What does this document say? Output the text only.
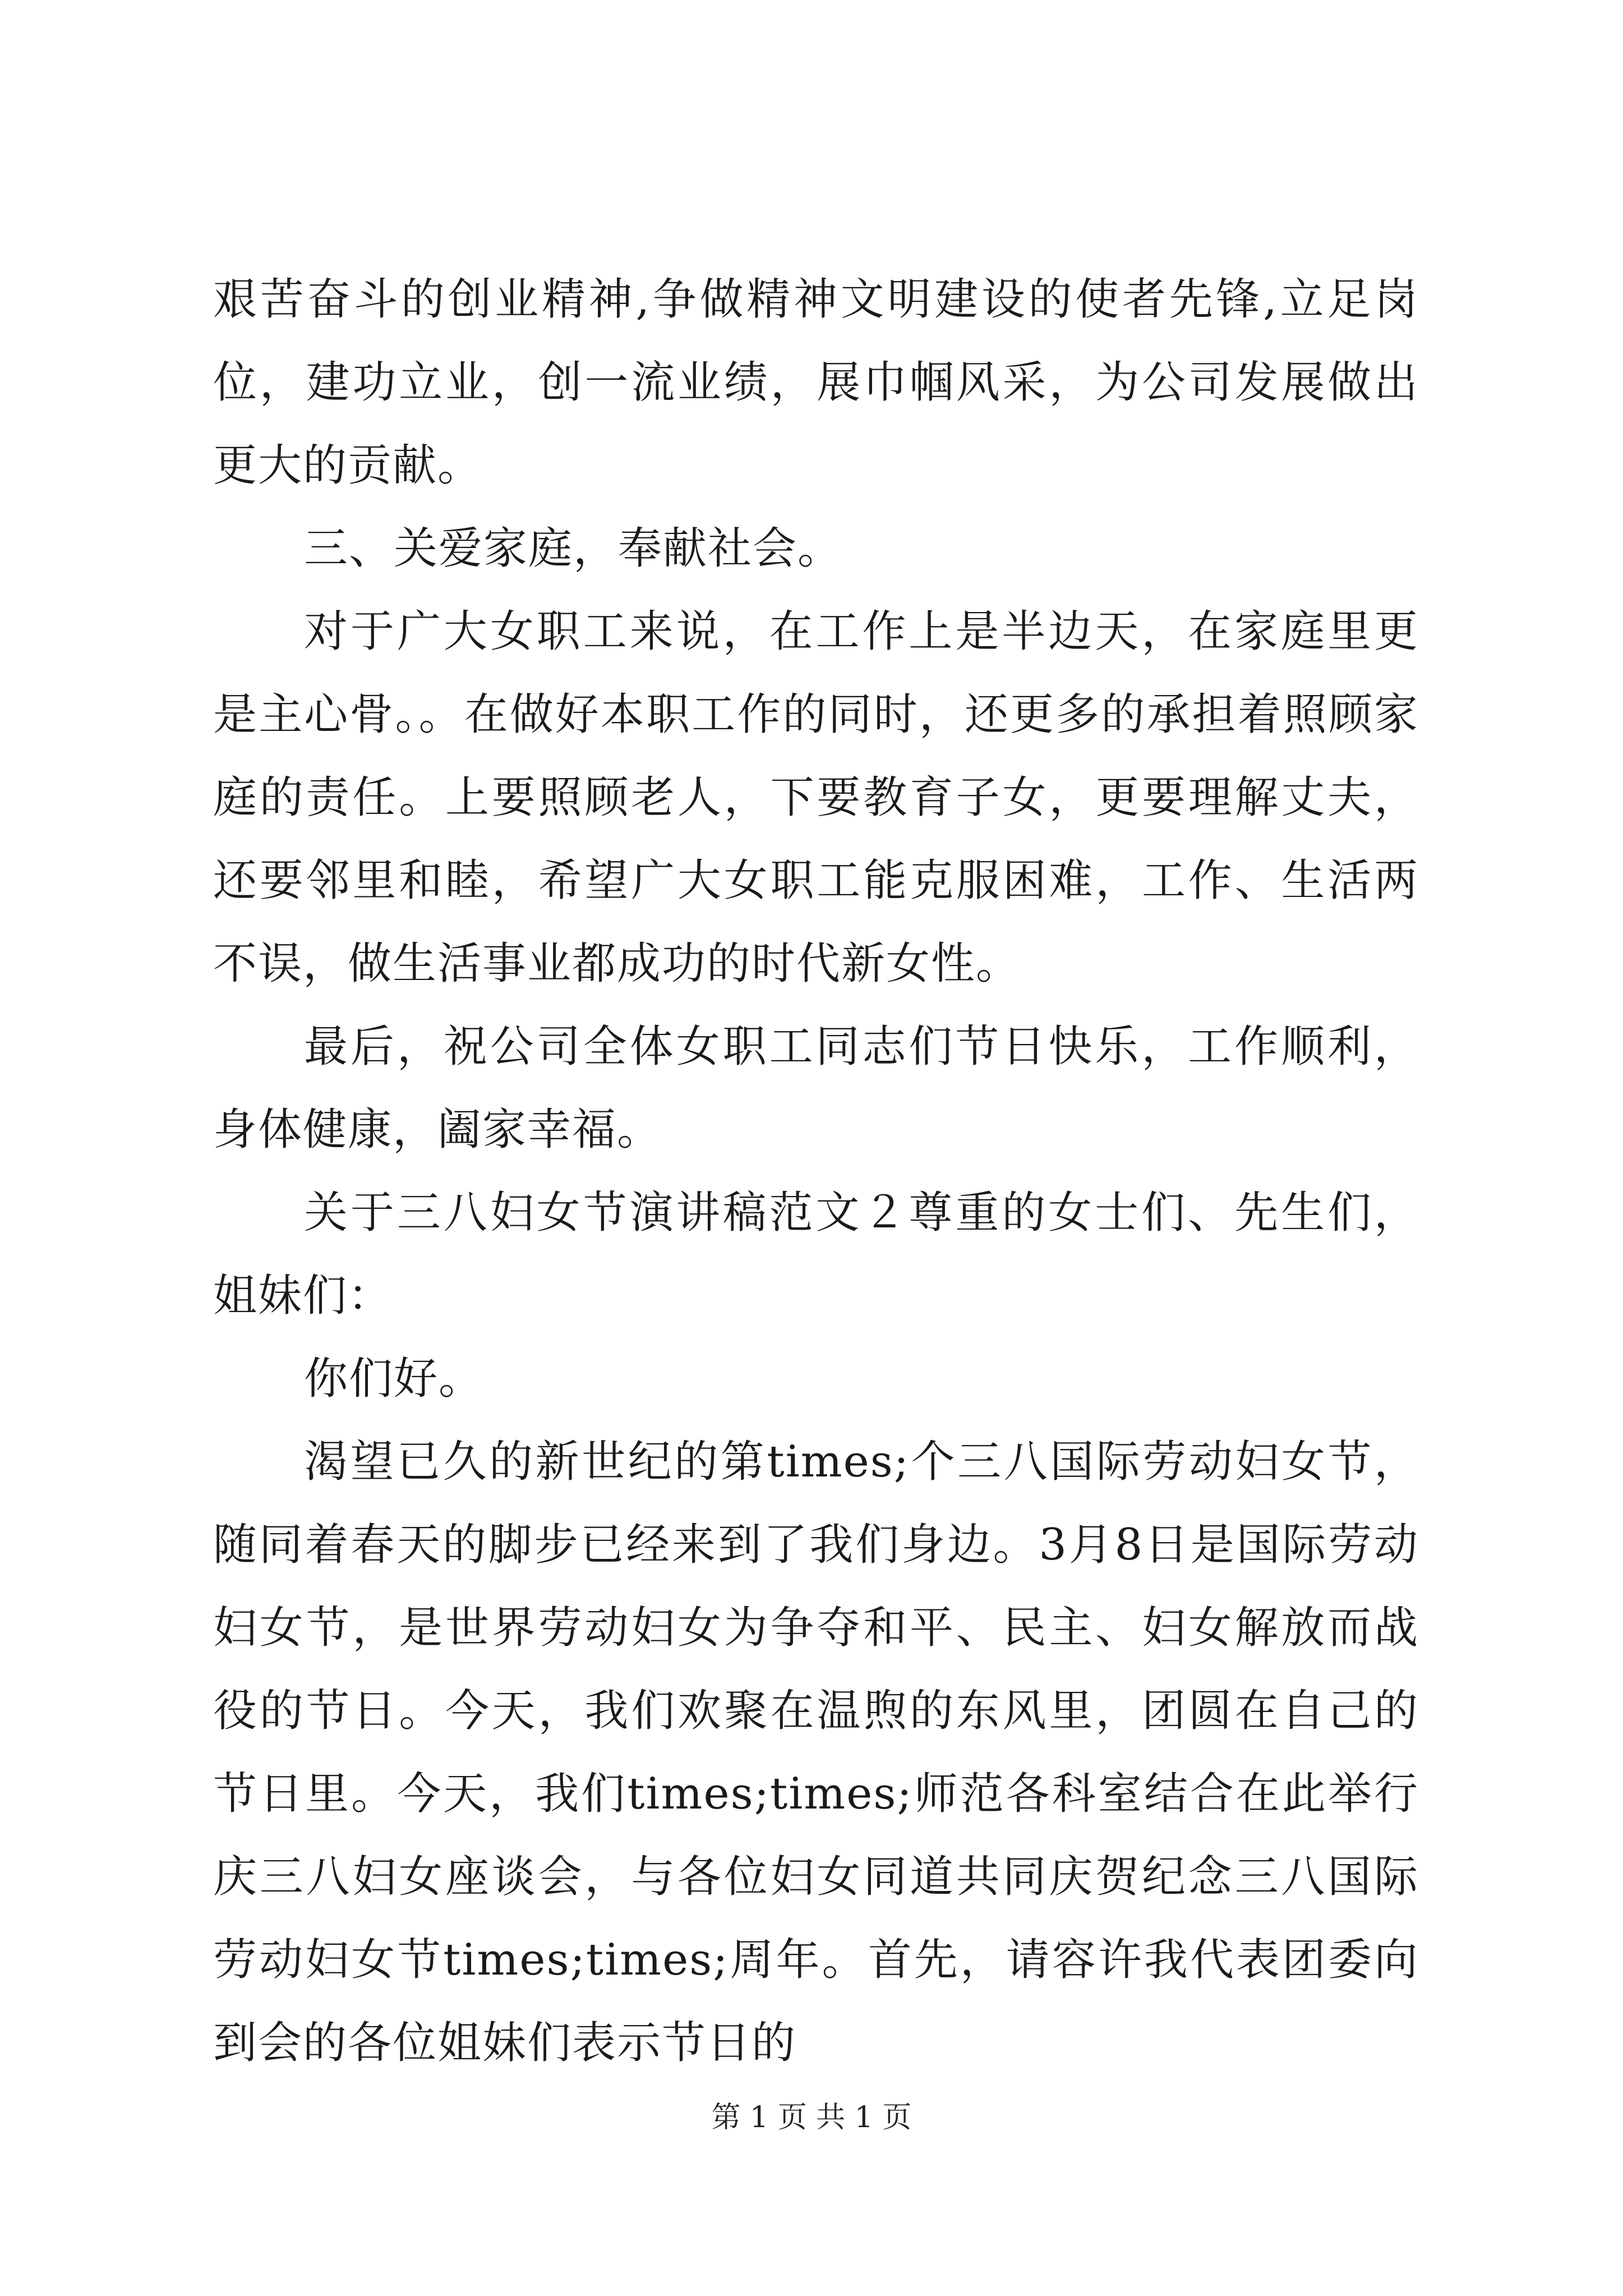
艰苦奋斗的创业精神,争做精神文明建设的使者先锋,立足岗位，建功立业，创一流业绩，展巾帼风采，为公司发展做出更大的贡献。

三、关爱家庭，奉献社会。

对于广大女职工来说，在工作上是半边天，在家庭里更是主心骨。。在做好本职工作的同时，还更多的承担着照顾家庭的责任。上要照顾老人，下要教育子女，更要理解丈夫，还要邻里和睦，希望广大女职工能克服困难，工作、生活两不误，做生活事业都成功的时代新女性。

最后，祝公司全体女职工同志们节日快乐，工作顺利，身体健康，阖家幸福。

关于三八妇女节演讲稿范文２尊重的女士们、先生们，姐妹们：

你们好。

渴望已久的新世纪的第times;个三八国际劳动妇女节，随同着春天的脚步已经来到了我们身边。3月8日是国际劳动妇女节，是世界劳动妇女为争夺和平、民主、妇女解放而战役的节日。今天，我们欢聚在温煦的东风里，团圆在自己的节日里。今天，我们times;times;师范各科室结合在此举行庆三八妇女座谈会，与各位妇女同道共同庆贺纪念三八国际劳动妇女节times;times;周年。首先，请容许我代表团委向到会的各位姐妹们表示节日的

第 1 页 共 1 页
